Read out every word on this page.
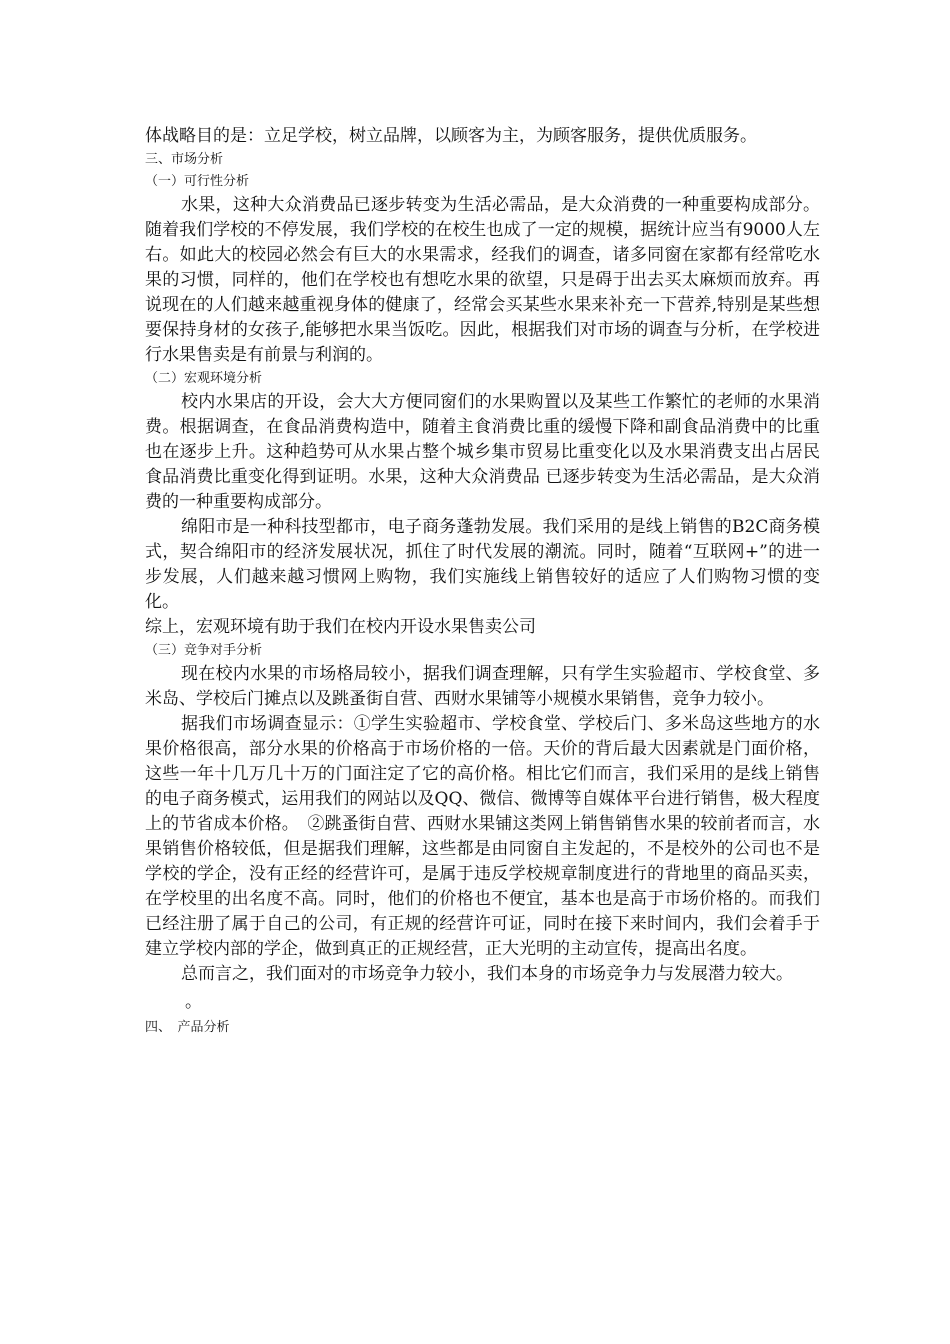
体战略目的是：立足学校，树立品牌，以顾客为主，为顾客服务，提供优质服务。

三、市场分析

（一）可行性分析

水果，这种大众消费品已逐步转变为生活必需品，是大众消费的一种重要构成部分。随着我们学校的不停发展，我们学校的在校生也成了一定的规模，据统计应当有9000人左右。如此大的校园必然会有巨大的水果需求，经我们的调查，诸多同窗在家都有经常吃水果的习惯，同样的，他们在学校也有想吃水果的欲望，只是碍于出去买太麻烦而放弃。再说现在的人们越来越重视身体的健康了，经常会买某些水果来补充一下营养,特别是某些想要保持身材的女孩子,能够把水果当饭吃。因此，根据我们对市场的调查与分析，在学校进行水果售卖是有前景与利润的。

（二）宏观环境分析

校内水果店的开设，会大大方便同窗们的水果购置以及某些工作繁忙的老师的水果消费。根据调查，在食品消费构造中，随着主食消费比重的缓慢下降和副食品消费中的比重也在逐步上升。这种趋势可从水果占整个城乡集市贸易比重变化以及水果消费支出占居民食品消费比重变化得到证明。水果，这种大众消费品 已逐步转变为生活必需品，是大众消费的一种重要构成部分。

绵阳市是一种科技型都市，电子商务蓬勃发展。我们采用的是线上销售的B2C商务模式，契合绵阳市的经济发展状况，抓住了时代发展的潮流。同时，随着“互联网+”的进一步发展，人们越来越习惯网上购物，我们实施线上销售较好的适应了人们购物习惯的变化。

综上，宏观环境有助于我们在校内开设水果售卖公司

（三）竞争对手分析

现在校内水果的市场格局较小，据我们调查理解，只有学生实验超市、学校食堂、多米岛、学校后门摊点以及跳蚤街自营、西财水果铺等小规模水果销售，竞争力较小。

据我们市场调查显示：①学生实验超市、学校食堂、学校后门、多米岛这些地方的水果价格很高，部分水果的价格高于市场价格的一倍。天价的背后最大因素就是门面价格，这些一年十几万几十万的门面注定了它的高价格。相比它们而言，我们采用的是线上销售的电子商务模式，运用我们的网站以及QQ、微信、微博等自媒体平台进行销售，极大程度上的节省成本价格。　②跳蚤街自营、西财水果铺这类网上销售销售水果的较前者而言，水果销售价格较低，但是据我们理解，这些都是由同窗自主发起的，不是校外的公司也不是学校的学企，没有正经的经营许可，是属于违反学校规章制度进行的背地里的商品买卖，在学校里的出名度不高。同时，他们的价格也不便宜，基本也是高于市场价格的。而我们已经注册了属于自己的公司，有正规的经营许可证，同时在接下来时间内，我们会着手于建立学校内部的学企，做到真正的正规经营，正大光明的主动宣传，提高出名度。

总而言之，我们面对的市场竞争力较小，我们本身的市场竞争力与发展潜力较大。

。

四、　产品分析
